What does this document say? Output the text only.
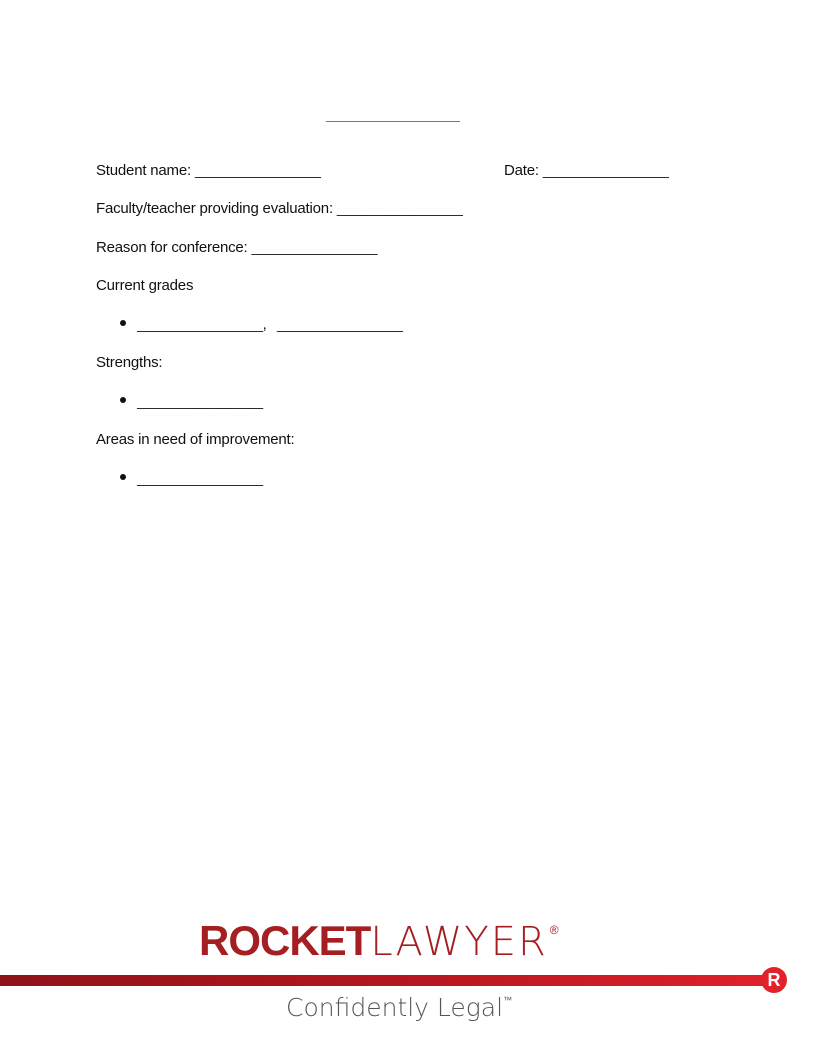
_________________
Student name: ________________	Date: ________________
Faculty/teacher providing evaluation: ________________
Reason for conference: ________________
Current grades
________________, ________________
Strengths:
________________
Areas in need of improvement:
________________
ROCKETLAWYER ®
R
Confidently Legal™
